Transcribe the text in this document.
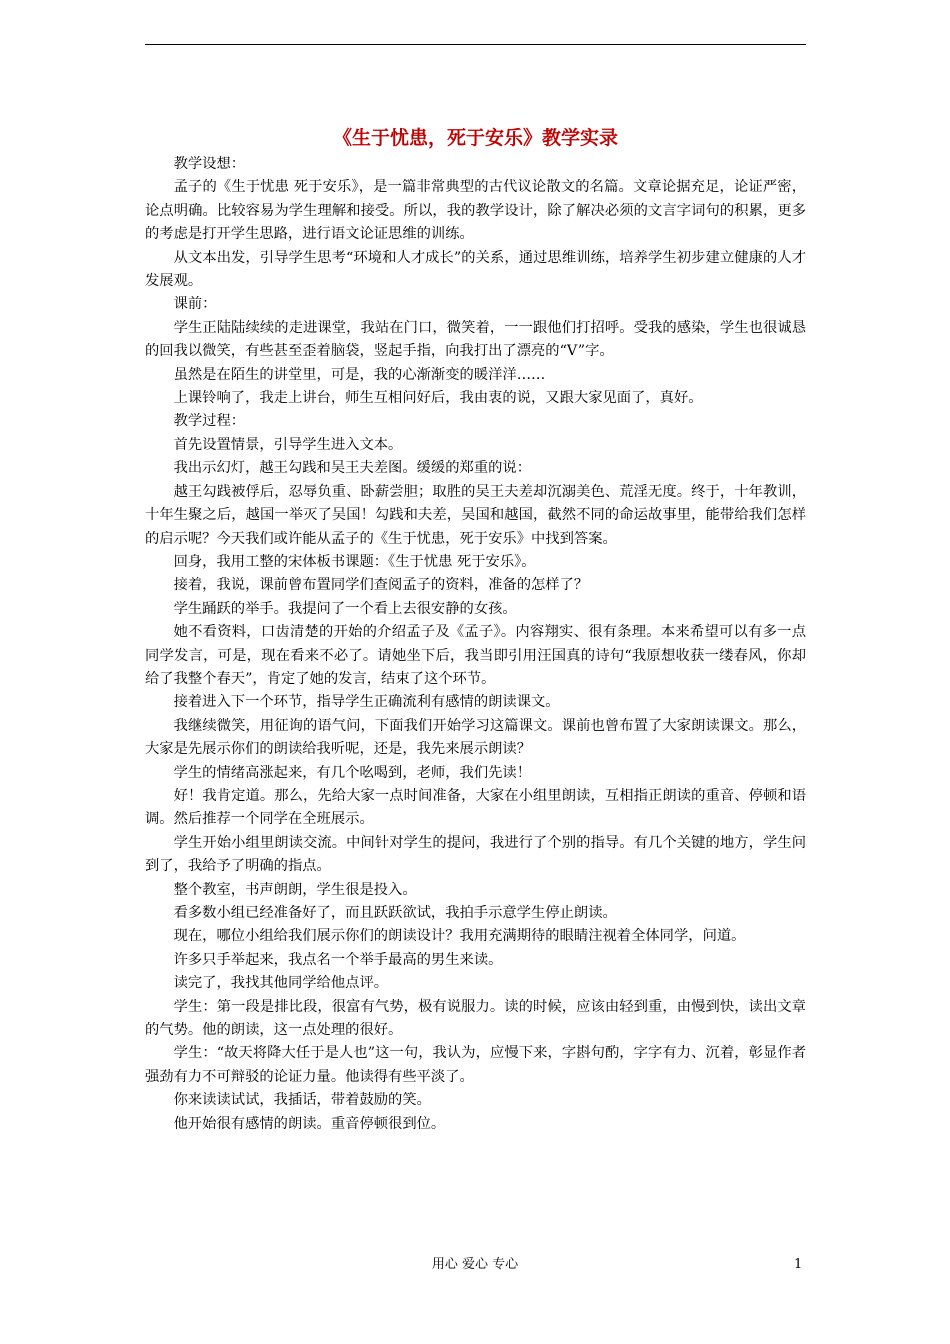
《生于忧患，死于安乐》教学实录

教学设想：

孟子的《生于忧患 死于安乐》，是一篇非常典型的古代议论散文的名篇。文章论据充足，论证严密，论点明确。比较容易为学生理解和接受。所以，我的教学设计，除了解决必须的文言字词句的积累，更多的考虑是打开学生思路，进行语文论证思维的训练。

从文本出发，引导学生思考“环境和人才成长”的关系，通过思维训练，培养学生初步建立健康的人才发展观。

课前：

学生正陆陆续续的走进课堂，我站在门口，微笑着，一一跟他们打招呼。受我的感染，学生也很诚恳的回我以微笑，有些甚至歪着脑袋，竖起手指，向我打出了漂亮的“V”字。

虽然是在陌生的讲堂里，可是，我的心渐渐变的暖洋洋……

上课铃响了，我走上讲台，师生互相问好后，我由衷的说，又跟大家见面了，真好。

教学过程：

首先设置情景，引导学生进入文本。

我出示幻灯，越王勾践和吴王夫差图。缓缓的郑重的说：

越王勾践被俘后，忍辱负重、卧薪尝胆；取胜的吴王夫差却沉溺美色、荒淫无度。终于，十年教训，十年生聚之后，越国一举灭了吴国！勾践和夫差，吴国和越国，截然不同的命运故事里，能带给我们怎样的启示呢？今天我们或许能从孟子的《生于忧患，死于安乐》中找到答案。

回身，我用工整的宋体板书课题：《生于忧患 死于安乐》。

接着，我说，课前曾布置同学们查阅孟子的资料，准备的怎样了？

学生踊跃的举手。我提问了一个看上去很安静的女孩。

她不看资料，口齿清楚的开始的介绍孟子及《孟子》。内容翔实、很有条理。本来希望可以有多一点同学发言，可是，现在看来不必了。请她坐下后，我当即引用汪国真的诗句“我原想收获一缕春风，你却给了我整个春天”，肯定了她的发言，结束了这个环节。

接着进入下一个环节，指导学生正确流利有感情的朗读课文。

我继续微笑，用征询的语气问，下面我们开始学习这篇课文。课前也曾布置了大家朗读课文。那么，大家是先展示你们的朗读给我听呢，还是，我先来展示朗读？

学生的情绪高涨起来，有几个吆喝到，老师，我们先读！

好！我肯定道。那么，先给大家一点时间准备，大家在小组里朗读，互相指正朗读的重音、停顿和语调。然后推荐一个同学在全班展示。

学生开始小组里朗读交流。中间针对学生的提问，我进行了个别的指导。有几个关键的地方，学生问到了，我给予了明确的指点。

整个教室，书声朗朗，学生很是投入。

看多数小组已经准备好了，而且跃跃欲试，我拍手示意学生停止朗读。

现在，哪位小组给我们展示你们的朗读设计？我用充满期待的眼睛注视着全体同学，问道。

许多只手举起来，我点名一个举手最高的男生来读。

读完了，我找其他同学给他点评。

学生：第一段是排比段，很富有气势，极有说服力。读的时候，应该由轻到重，由慢到快，读出文章的气势。他的朗读，这一点处理的很好。

学生：“故天将降大任于是人也”这一句，我认为，应慢下来，字斟句酌，字字有力、沉着，彰显作者强劲有力不可辩驳的论证力量。他读得有些平淡了。

你来读读试试，我插话，带着鼓励的笑。

他开始很有感情的朗读。重音停顿很到位。

用心 爱心 专心	1
